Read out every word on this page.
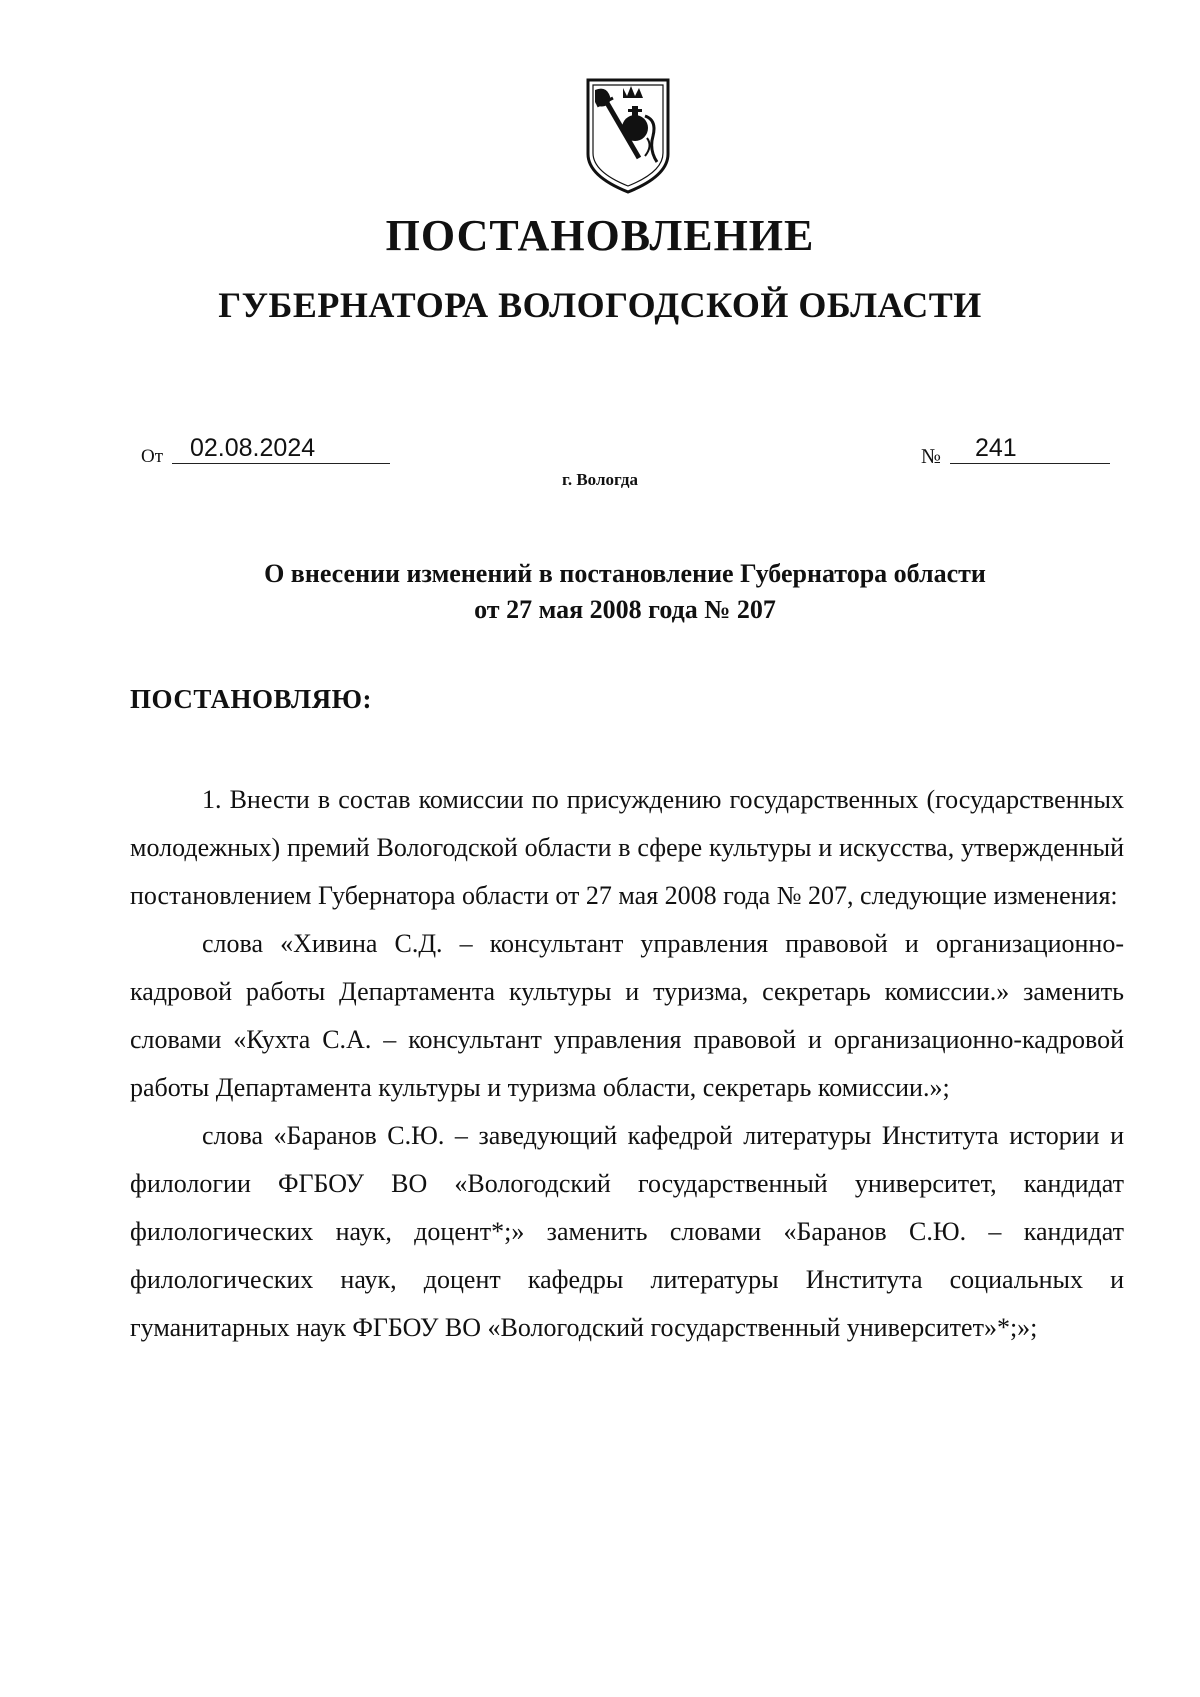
ПОСТАНОВЛЕНИЕ
ГУБЕРНАТОРА ВОЛОГОДСКОЙ ОБЛАСТИ
От	02.08.2024	№	241
г. Вологда
О внесении изменений в постановление Губернатора области
от 27 мая 2008 года № 207
ПОСТАНОВЛЯЮ:

1. Внести в состав комиссии по присуждению государственных (государственных молодежных) премий Вологодской области в сфере культуры и искусства, утвержденный постановлением Губернатора области от 27 мая 2008 года № 207, следующие изменения:

слова «Хивина С.Д. – консультант управления правовой и организационно-кадровой работы Департамента культуры и туризма, секретарь комиссии.» заменить словами «Кухта С.А. – консультант управления правовой и организационно-кадровой работы Департамента культуры и туризма области, секретарь комиссии.»;

слова «Баранов С.Ю. – заведующий кафедрой литературы Института истории и филологии ФГБОУ ВО «Вологодский государственный университет, кандидат филологических наук, доцент*;» заменить словами «Баранов С.Ю. – кандидат филологических наук, доцент кафедры литературы Института социальных и гуманитарных наук ФГБОУ ВО «Вологодский государственный университет»*;»;
